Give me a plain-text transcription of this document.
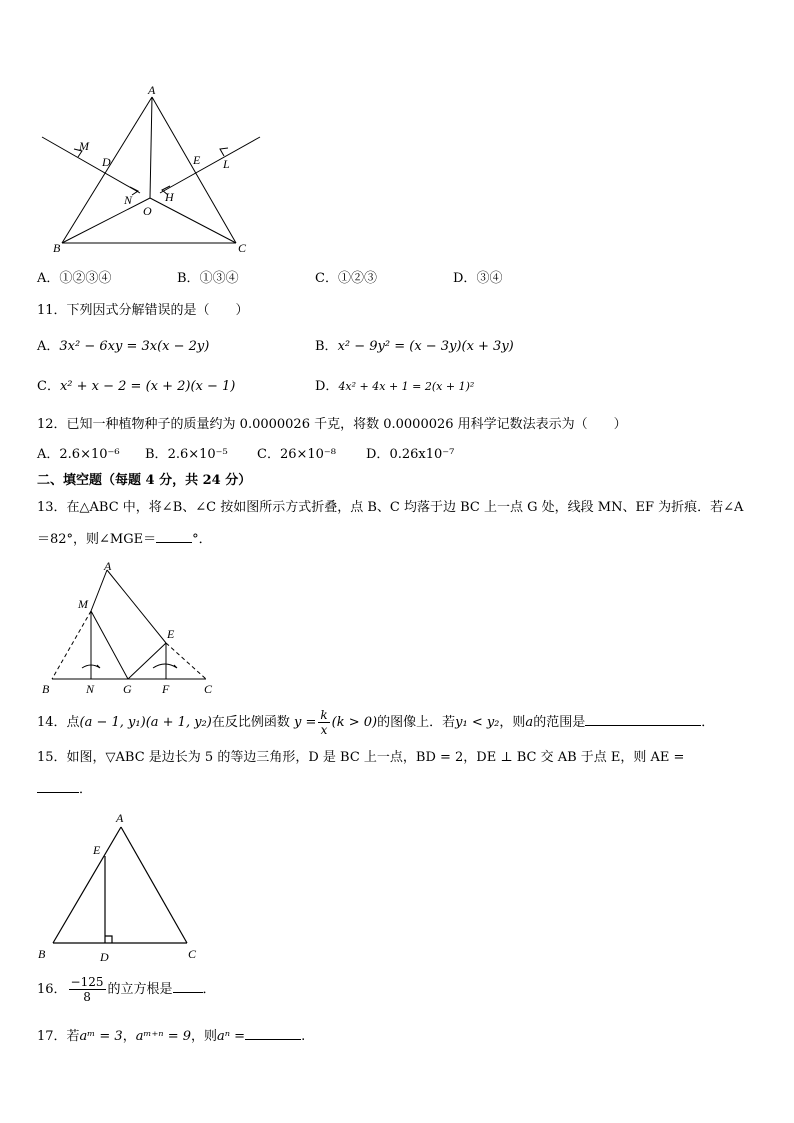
A
M
D	E L
N	H
O
B	C
A．①②③④	B．①③④	C．①②③	D．③④
11．下列因式分解错误的是（　　）
A．3x² − 6xy = 3x(x − 2y)	B．x² − 9y² = (x − 3y)(x + 3y)
C．x² + x − 2 = (x + 2)(x − 1)	D．4x² + 4x + 1 = 2(x + 1)²
12．已知一种植物种子的质量约为 0.0000026 千克，将数 0.0000026 用科学记数法表示为（　　）
A．2.6×10⁻⁶ B．2.6×10⁻⁵ C．26×10⁻⁸ D．0.26x10⁻⁷
二、填空题（每题 4 分，共 24 分）
13．在△ABC 中，将∠B、∠C 按如图所示方式折叠，点 B、C 均落于边 BC 上一点 G 处，线段 MN、EF 为折痕．若∠A
＝82°，则∠MGE＝	°．
A
M
E
B	N G	F	C
14．点(a − 1, y₁)(a + 1, y₂)在反比例函数 $y = \frac{k}{x} (k > 0)$的图像上．若y₁ < y₂，则a的范围是	．
15．如图，▽ABC 是边长为 5 的等边三角形，D 是 BC 上一点，BD = 2，DE ⊥ BC 交 AB 于点 E，则 AE =
．
A
E
B	D	C
16． $\frac{-125}{8}$ 的立方根是 ．
17．若aᵐ = 3，aᵐ⁺ⁿ = 9，则aⁿ =	.
